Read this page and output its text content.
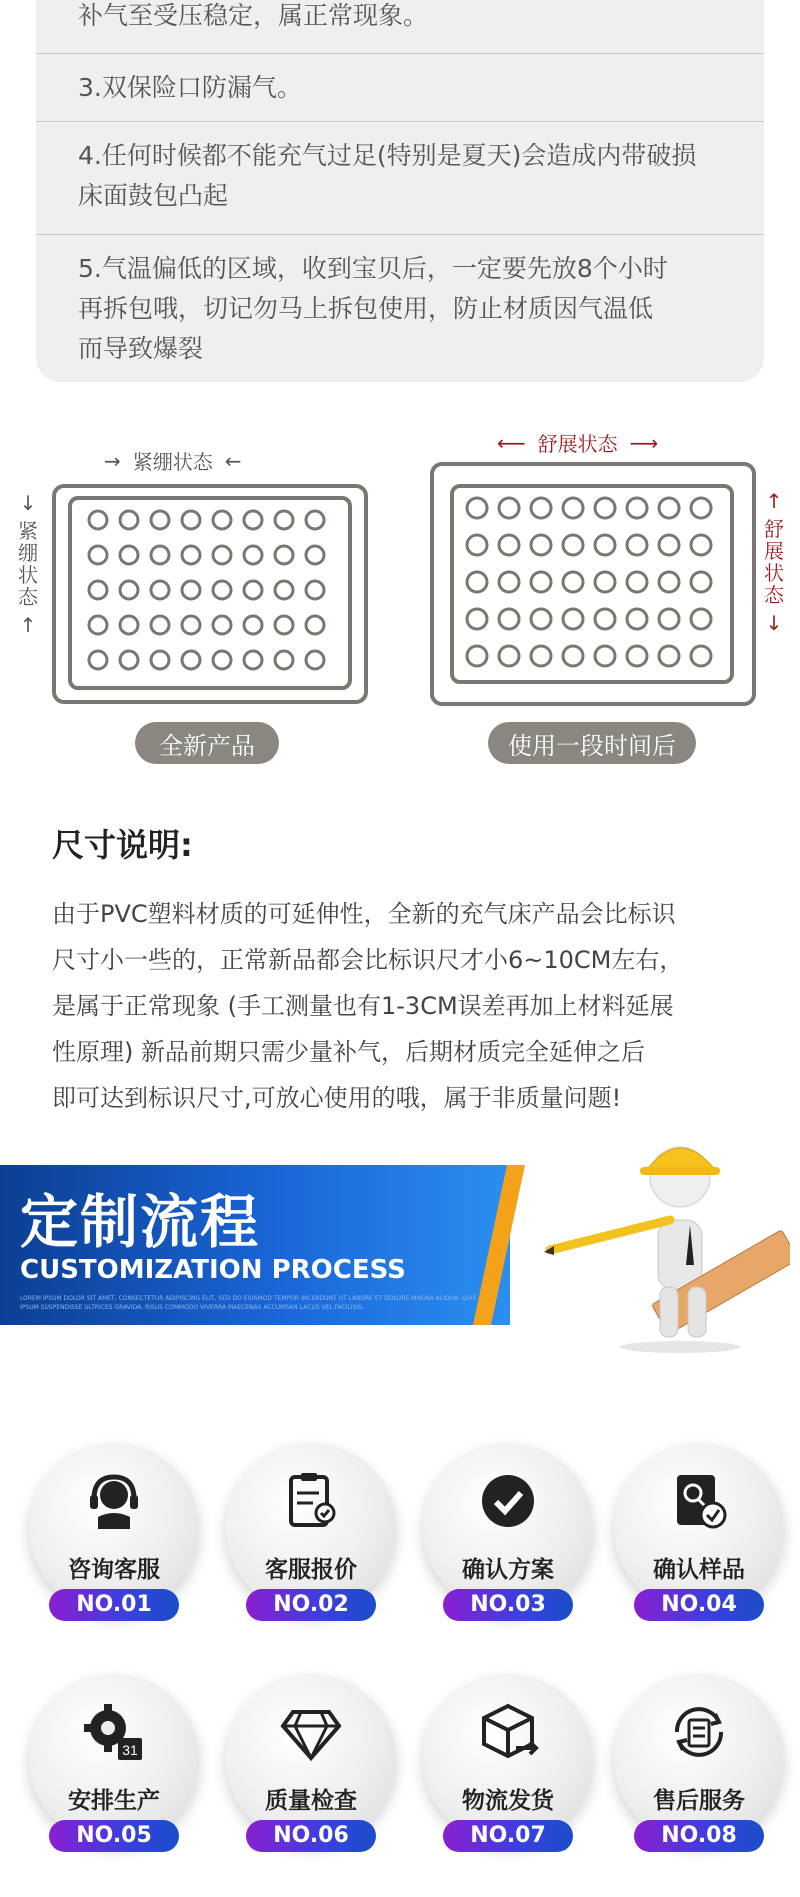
补气至受压稳定，属正常现象。
3.双保险口防漏气。
4.任何时候都不能充气过足(特别是夏天)会造成内带破损
床面鼓包凸起
5.气温偏低的区域，收到宝贝后，一定要先放8个小时
再拆包哦，切记勿马上拆包使用，防止材质因气温低
而导致爆裂
→ 紧绷状态 ←
↓
紧绷状态
↑
全新产品
⟵ 舒展状态 ⟶
↑
舒展状态
↓
使用一段时间后
尺寸说明:
由于PVC塑料材质的可延伸性，全新的充气床产品会比标识
尺寸小一些的，正常新品都会比标识尺才小6~10CM左右，
是属于正常现象 (手工测量也有1-3CM误差再加上材料延展
性原理) 新品前期只需少量补气，后期材质完全延伸之后
即可达到标识尺寸,可放心使用的哦，属于非质量问题!
定制流程
CUSTOMIZATION PROCESS
LOREM IPSUM DOLOR SIT AMET, CONSECTETUR ADIPISCING ELIT, SED DO EIUSMOD TEMPOR INCIDIDUNT UT LABORE ET DOLORE MAGNA ALIQUA. QUIS IPSUM SUSPENDISSE ULTRICES GRAVIDA. RISUS COMMODO VIVERRA MAECENAS ACCUMSAN LACUS VEL FACILISIS.
咨询客服
NO.01
客服报价
NO.02
确认方案
NO.03
确认样品
NO.04
31
安排生产
NO.05
质量检查
NO.06
物流发货
NO.07
售后服务
NO.08
